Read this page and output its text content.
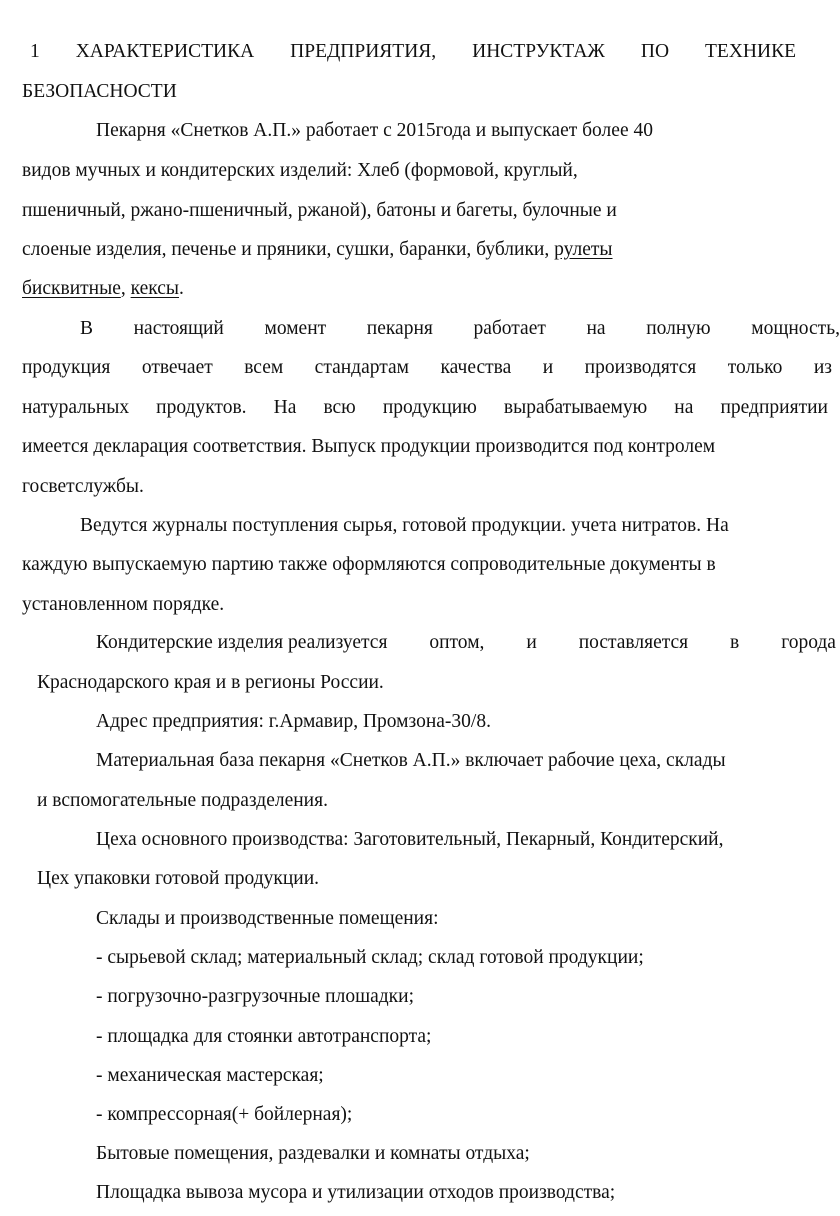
1 ХАРАКТЕРИСТИКА ПРЕДПРИЯТИЯ, ИНСТРУКТАЖ ПО ТЕХНИКЕ
БЕЗОПАСНОСТИ
Пекарня «Снетков А.П.» работает с 2015года и выпускает более 40
видов мучных и кондитерских изделий: Хлеб (формовой, круглый,
пшеничный, ржано-пшеничный, ржаной), батоны и багеты, булочные и
слоеные изделия, печенье и пряники, сушки, баранки, бублики, рулеты
бисквитные, кексы.
В настоящий момент пекарня работает на полную мощность,
продукция отвечает всем стандартам качества и производятся только из
натуральных продуктов. На всю продукцию вырабатываемую на предприятии
имеется декларация соответствия. Выпуск продукции производится под контролем
госветслужбы.
Ведутся журналы поступления сырья, готовой продукции. учета нитратов. На
каждую выпускаемую партию также оформляются сопроводительные документы в
установленном порядке.
Кондитерские изделия реализуется оптом, и поставляется в города
Краснодарского края и в регионы России.
Адрес предприятия: г.Армавир, Промзона-30/8.
Материальная база пекарня «Снетков А.П.» включает рабочие цеха, склады
и вспомогательные подразделения.
Цеха основного производства: Заготовительный, Пекарный, Кондитерский,
Цех упаковки готовой продукции.
Склады и производственные помещения:
- сырьевой склад; материальный склад; склад готовой продукции;
- погрузочно-разгрузочные плошадки;
- площадка для стоянки автотранспорта;
- механическая мастерская;
- компрессорная(+ бойлерная);
Бытовые помещения, раздевалки и комнаты отдыха;
Площадка вывоза мусора и утилизации отходов производства;
